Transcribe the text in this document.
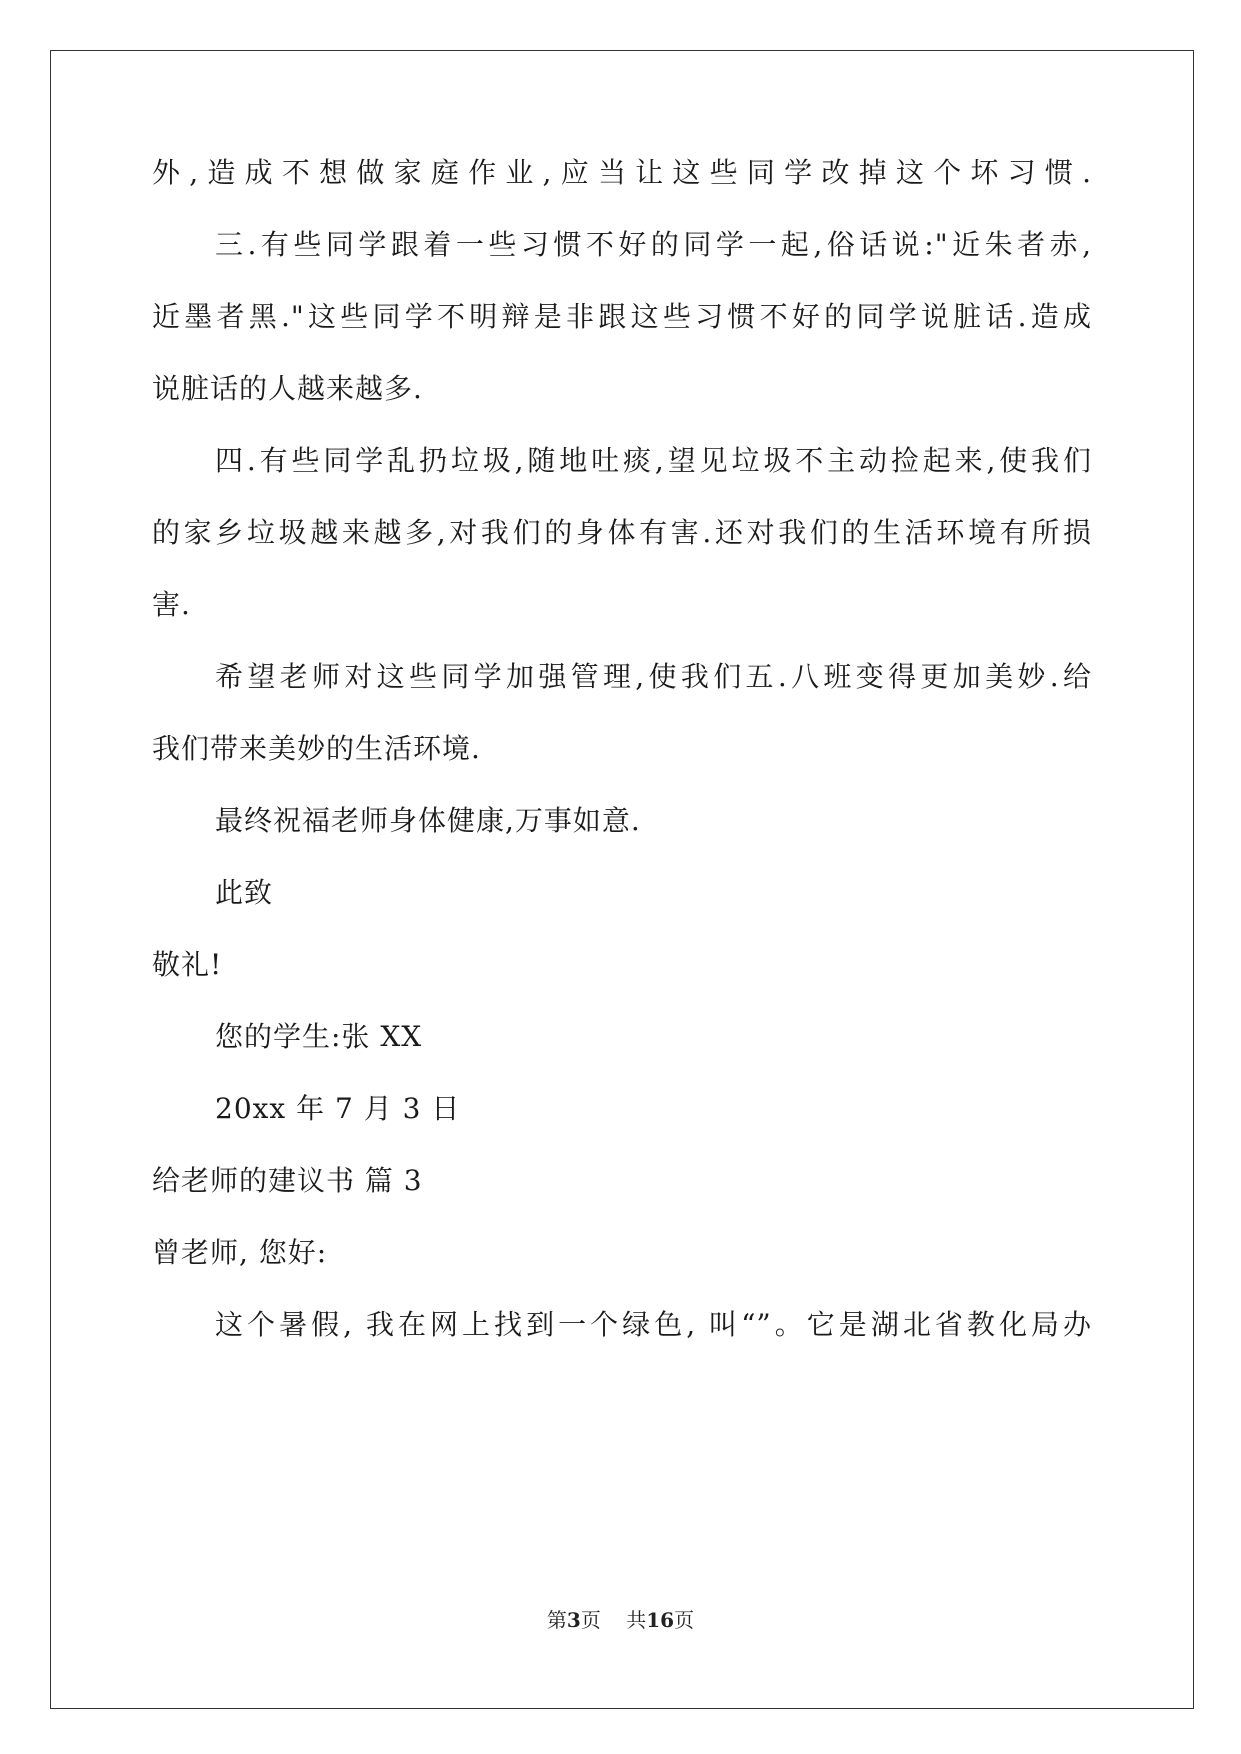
外,造成不想做家庭作业,应当让这些同学改掉这个坏习惯.
三.有些同学跟着一些习惯不好的同学一起,俗话说:"近朱者赤,
近墨者黑."这些同学不明辩是非跟这些习惯不好的同学说脏话.造成
说脏话的人越来越多.
四.有些同学乱扔垃圾,随地吐痰,望见垃圾不主动捡起来,使我们
的家乡垃圾越来越多,对我们的身体有害.还对我们的生活环境有所损
害.
希望老师对这些同学加强管理,使我们五.八班变得更加美妙.给
我们带来美妙的生活环境.
最终祝福老师身体健康,万事如意.
此致
敬礼!
您的学生:张 XX
20xx 年 7 月 3 日
给老师的建议书 篇 3
曾老师, 您好:
这个暑假, 我在网上找到一个绿色, 叫“”。它是湖北省教化局办
第3页    共16页
